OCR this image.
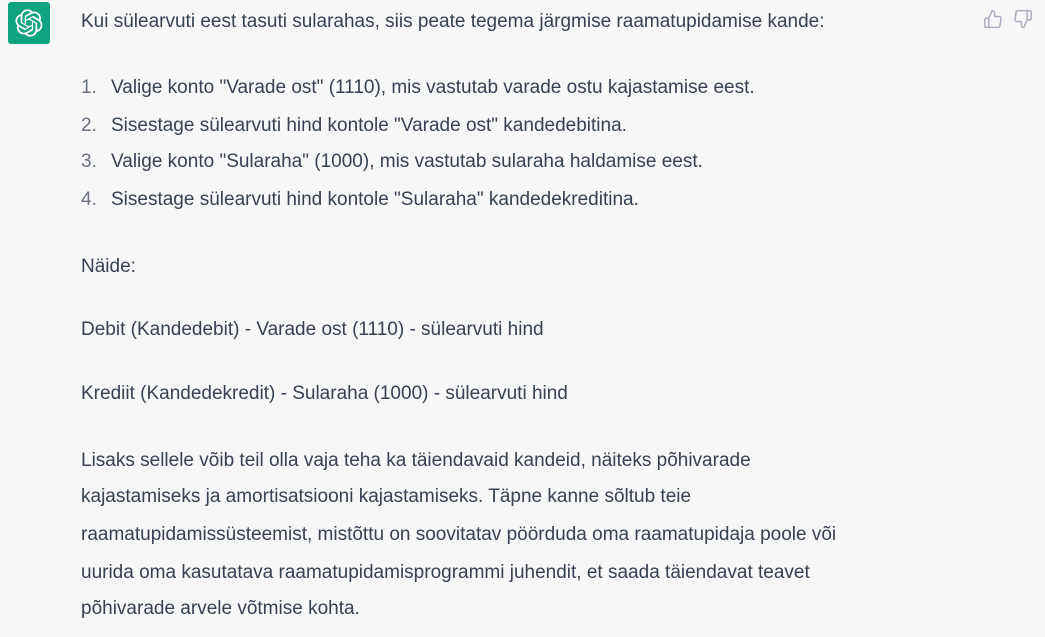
Kui sülearvuti eest tasuti sularahas, siis peate tegema järgmise raamatupidamise kande:
1. Valige konto "Varade ost" (1110), mis vastutab varade ostu kajastamise eest.
2. Sisestage sülearvuti hind kontole "Varade ost" kandedebitina.
3. Valige konto "Sularaha" (1000), mis vastutab sularaha haldamise eest.
4. Sisestage sülearvuti hind kontole "Sularaha" kandedekreditina.
Näide:
Debit (Kandedebit) - Varade ost (1110) - sülearvuti hind
Krediit (Kandedekredit) - Sularaha (1000) - sülearvuti hind
Lisaks sellele võib teil olla vaja teha ka täiendavaid kandeid, näiteks põhivarade
kajastamiseks ja amortisatsiooni kajastamiseks. Täpne kanne sõltub teie
raamatupidamissüsteemist, mistõttu on soovitatav pöörduda oma raamatupidaja poole või
uurida oma kasutatava raamatupidamisprogrammi juhendit, et saada täiendavat teavet
põhivarade arvele võtmise kohta.
